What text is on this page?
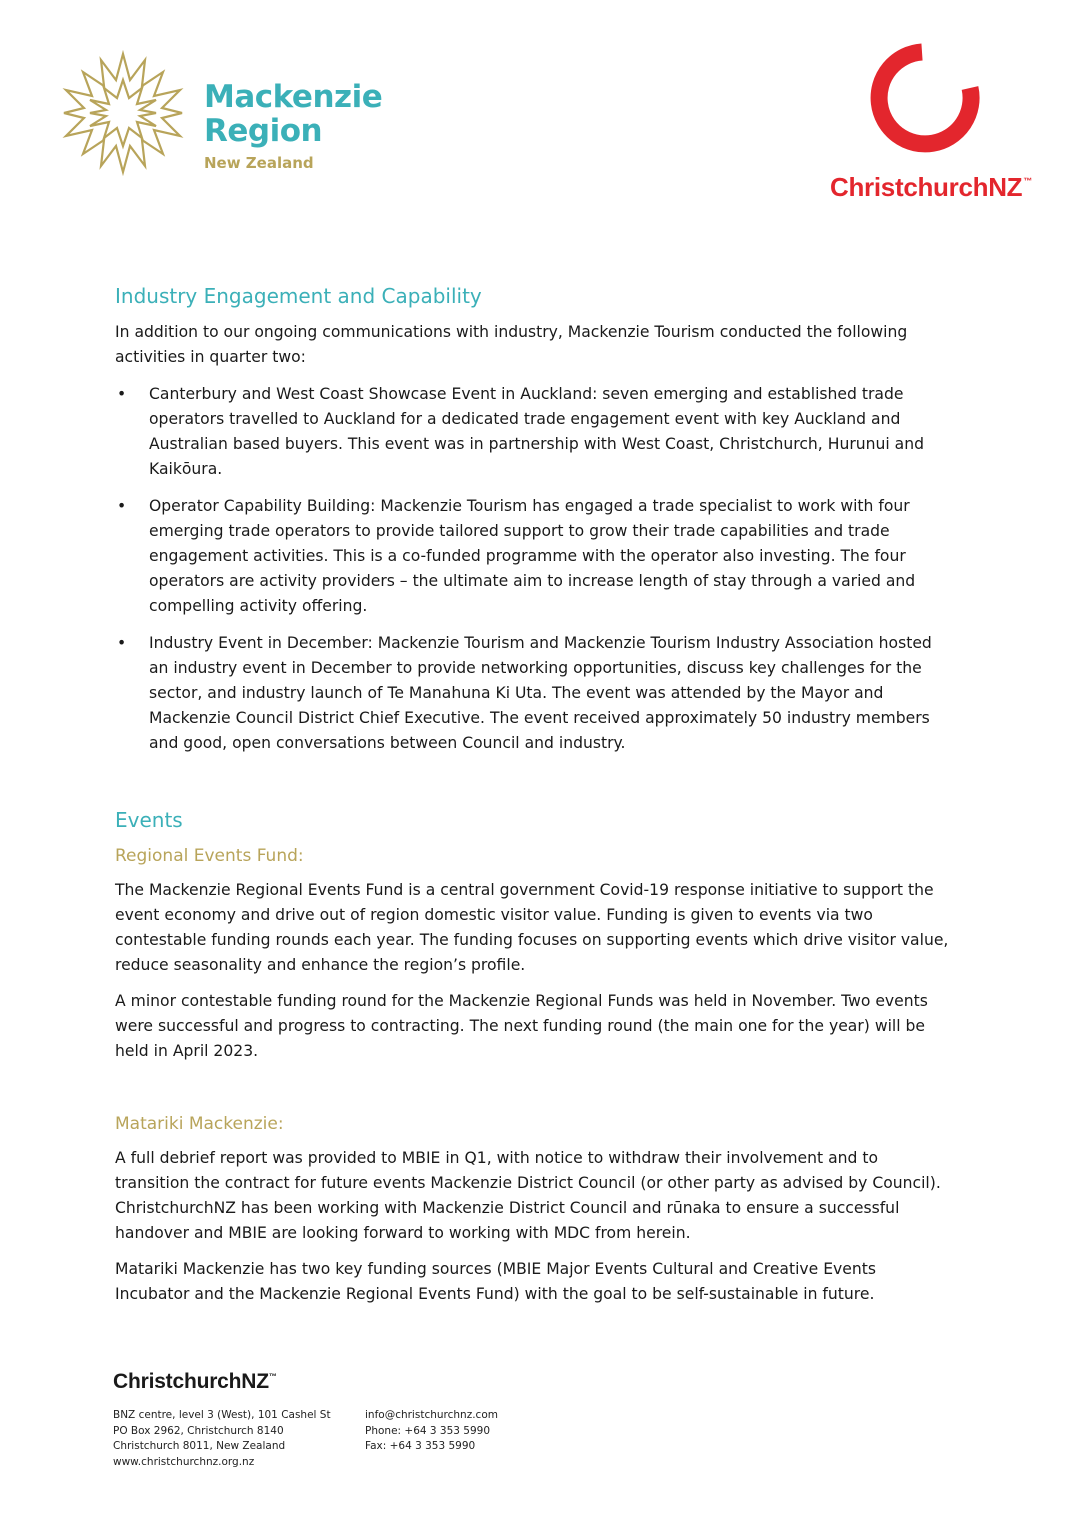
Mackenzie
Region
New Zealand
ChristchurchNZ™
Industry Engagement and Capability

In addition to our ongoing communications with industry, Mackenzie Tourism conducted the following activities in quarter two:

• Canterbury and West Coast Showcase Event in Auckland: seven emerging and established trade operators travelled to Auckland for a dedicated trade engagement event with key Auckland and Australian based buyers. This event was in partnership with West Coast, Christchurch, Hurunui and Kaikōura.
• Operator Capability Building: Mackenzie Tourism has engaged a trade specialist to work with four emerging trade operators to provide tailored support to grow their trade capabilities and trade engagement activities. This is a co-funded programme with the operator also investing. The four operators are activity providers – the ultimate aim to increase length of stay through a varied and compelling activity offering.
• Industry Event in December: Mackenzie Tourism and Mackenzie Tourism Industry Association hosted an industry event in December to provide networking opportunities, discuss key challenges for the sector, and industry launch of Te Manahuna Ki Uta. The event was attended by the Mayor and Mackenzie Council District Chief Executive. The event received approximately 50 industry members and good, open conversations between Council and industry.
Events
Regional Events Fund:

The Mackenzie Regional Events Fund is a central government Covid-19 response initiative to support the event economy and drive out of region domestic visitor value. Funding is given to events via two contestable funding rounds each year. The funding focuses on supporting events which drive visitor value, reduce seasonality and enhance the region’s profile.

A minor contestable funding round for the Mackenzie Regional Funds was held in November. Two events were successful and progress to contracting. The next funding round (the main one for the year) will be held in April 2023.

Matariki Mackenzie:

A full debrief report was provided to MBIE in Q1, with notice to withdraw their involvement and to transition the contract for future events Mackenzie District Council (or other party as advised by Council). ChristchurchNZ has been working with Mackenzie District Council and rūnaka to ensure a successful handover and MBIE are looking forward to working with MDC from herein.

Matariki Mackenzie has two key funding sources (MBIE Major Events Cultural and Creative Events Incubator and the Mackenzie Regional Events Fund) with the goal to be self-sustainable in future.

ChristchurchNZ™
BNZ centre, level 3 (West), 101 Cashel St
PO Box 2962, Christchurch 8140
Christchurch 8011, New Zealand
www.christchurchnz.org.nz
info@christchurchnz.com
Phone: +64 3 353 5990
Fax: +64 3 353 5990
